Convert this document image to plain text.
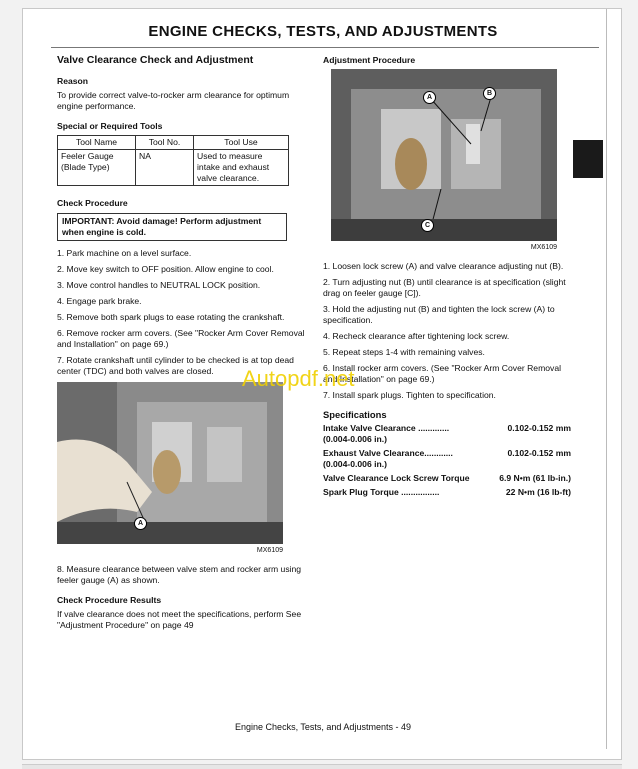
ENGINE CHECKS, TESTS, AND ADJUSTMENTS
Valve Clearance Check and Adjustment
Reason

To provide correct valve-to-rocker arm clearance for optimum engine performance.

Special or Required Tools
Tool Name	Tool No.	Tool Use
Feeler Gauge (Blade Type)	NA	Used to measure intake and exhaust valve clearance.
Check Procedure
IMPORTANT: Avoid damage! Perform adjustment when engine is cold.
1. Park machine on a level surface.
2. Move key switch to OFF position. Allow engine to cool.
3. Move control handles to NEUTRAL LOCK position.
4. Engage park brake.
5. Remove both spark plugs to ease rotating the crankshaft.
6. Remove rocker arm covers. (See "Rocker Arm Cover Removal and Installation" on page 69.)
7. Rotate crankshaft until cylinder to be checked is at top dead center (TDC) and both valves are closed.
A
MX6109

8. Measure clearance between valve stem and rocker arm using feeler gauge (A) as shown.

Check Procedure Results

If valve clearance does not meet the specifications, perform See "Adjustment Procedure" on page 49

Adjustment Procedure
A
B
C
MX6109
1. Loosen lock screw (A) and valve clearance adjusting nut (B).
2. Turn adjusting nut (B) until clearance is at specification (slight drag on feeler gauge [C]).
3. Hold the adjusting nut (B) and tighten the lock screw (A) to specification.
4. Recheck clearance after tightening lock screw.
5. Repeat steps 1-4 with remaining valves.
6. Install rocker arm covers. (See "Rocker Arm Cover Removal and Installation" on page 69.)
7. Install spark plugs. Tighten to specification.
Specifications
Intake Valve Clearance .............	0.102-0.152 mm
(0.004-0.006 in.)
Exhaust Valve Clearance............	0.102-0.152 mm
(0.004-0.006 in.)
Valve Clearance Lock Screw Torque	6.9 N•m (61 lb-in.)
Spark Plug Torque ................	22 N•m (16 lb-ft)
Engine Checks, Tests, and Adjustments - 49
Autopdf.net
